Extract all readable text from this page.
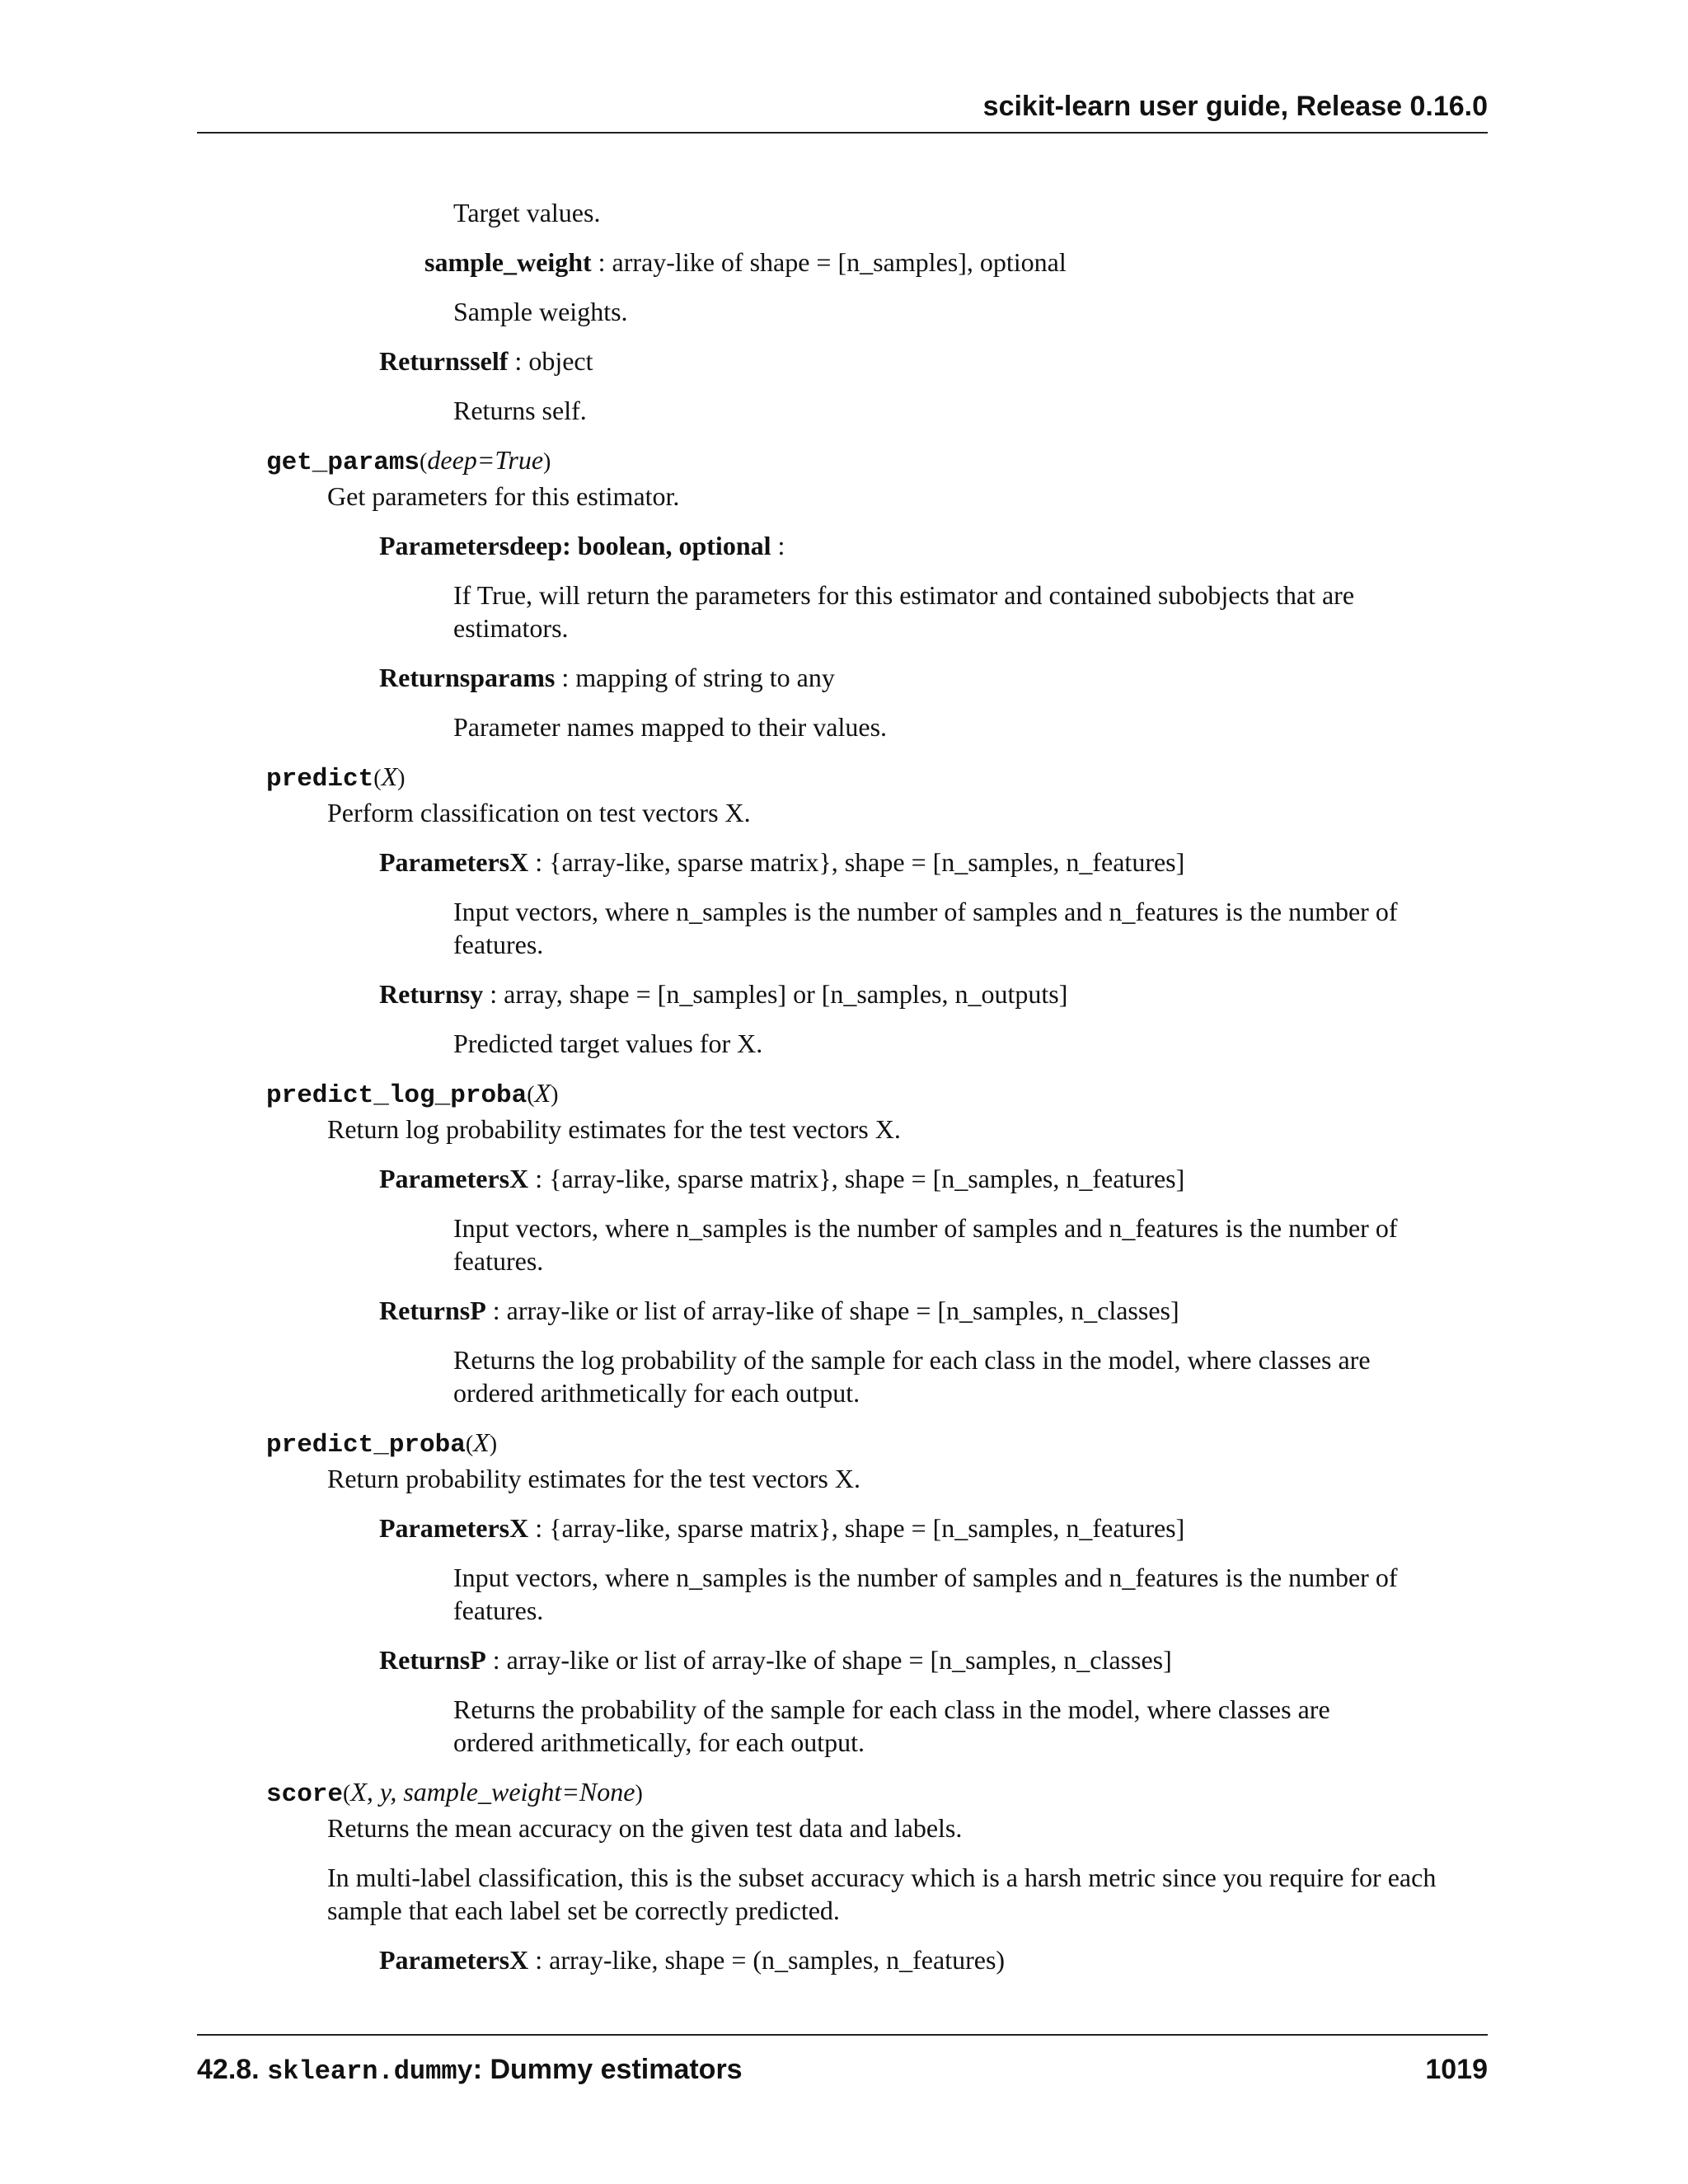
scikit-learn user guide, Release 0.16.0
Target values.
sample_weight : array-like of shape = [n_samples], optional
Sample weights.
Returnsself : object
Returns self.
get_params(deep=True)
Get parameters for this estimator.
Parametersdeep: boolean, optional :
If True, will return the parameters for this estimator and contained subobjects that are estimators.
Returnsparams : mapping of string to any
Parameter names mapped to their values.
predict(X)
Perform classification on test vectors X.
ParametersX : {array-like, sparse matrix}, shape = [n_samples, n_features]
Input vectors, where n_samples is the number of samples and n_features is the number of features.
Returnsy : array, shape = [n_samples] or [n_samples, n_outputs]
Predicted target values for X.
predict_log_proba(X)
Return log probability estimates for the test vectors X.
ParametersX : {array-like, sparse matrix}, shape = [n_samples, n_features]
Input vectors, where n_samples is the number of samples and n_features is the number of features.
ReturnsP : array-like or list of array-like of shape = [n_samples, n_classes]
Returns the log probability of the sample for each class in the model, where classes are ordered arithmetically for each output.
predict_proba(X)
Return probability estimates for the test vectors X.
ParametersX : {array-like, sparse matrix}, shape = [n_samples, n_features]
Input vectors, where n_samples is the number of samples and n_features is the number of features.
ReturnsP : array-like or list of array-lke of shape = [n_samples, n_classes]
Returns the probability of the sample for each class in the model, where classes are ordered arithmetically, for each output.
score(X, y, sample_weight=None)
Returns the mean accuracy on the given test data and labels.
In multi-label classification, this is the subset accuracy which is a harsh metric since you require for each sample that each label set be correctly predicted.
ParametersX : array-like, shape = (n_samples, n_features)
42.8. sklearn.dummy: Dummy estimators	1019
